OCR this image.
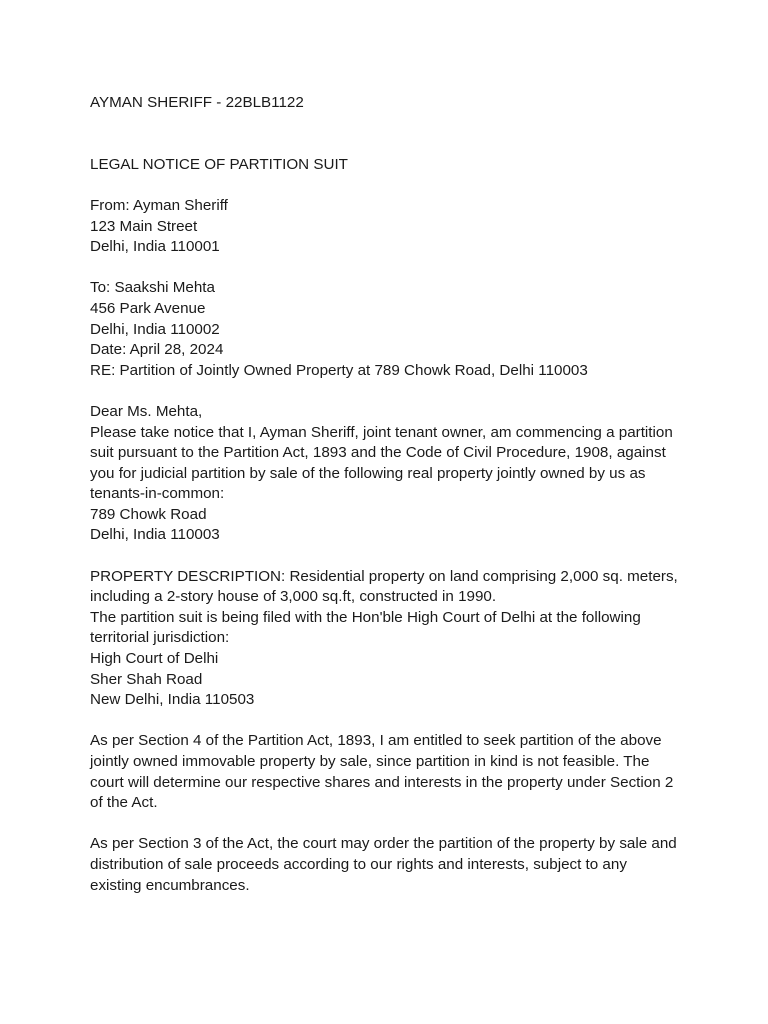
AYMAN SHERIFF - 22BLB1122
LEGAL NOTICE OF PARTITION SUIT
From: Ayman Sheriff
123 Main Street
Delhi, India 110001
To: Saakshi Mehta
456 Park Avenue
Delhi, India 110002
Date: April 28, 2024
RE: Partition of Jointly Owned Property at 789 Chowk Road, Delhi 110003
Dear Ms. Mehta,
Please take notice that I, Ayman Sheriff, joint tenant owner, am commencing a partition suit pursuant to the Partition Act, 1893 and the Code of Civil Procedure, 1908, against you for judicial partition by sale of the following real property jointly owned by us as tenants-in-common:
789 Chowk Road
Delhi, India 110003
PROPERTY DESCRIPTION: Residential property on land comprising 2,000 sq. meters, including a 2-story house of 3,000 sq.ft, constructed in 1990.
The partition suit is being filed with the Hon'ble High Court of Delhi at the following territorial jurisdiction:
High Court of Delhi
Sher Shah Road
New Delhi, India 110503
As per Section 4 of the Partition Act, 1893, I am entitled to seek partition of the above jointly owned immovable property by sale, since partition in kind is not feasible. The court will determine our respective shares and interests in the property under Section 2 of the Act.
As per Section 3 of the Act, the court may order the partition of the property by sale and distribution of sale proceeds according to our rights and interests, subject to any existing encumbrances.
